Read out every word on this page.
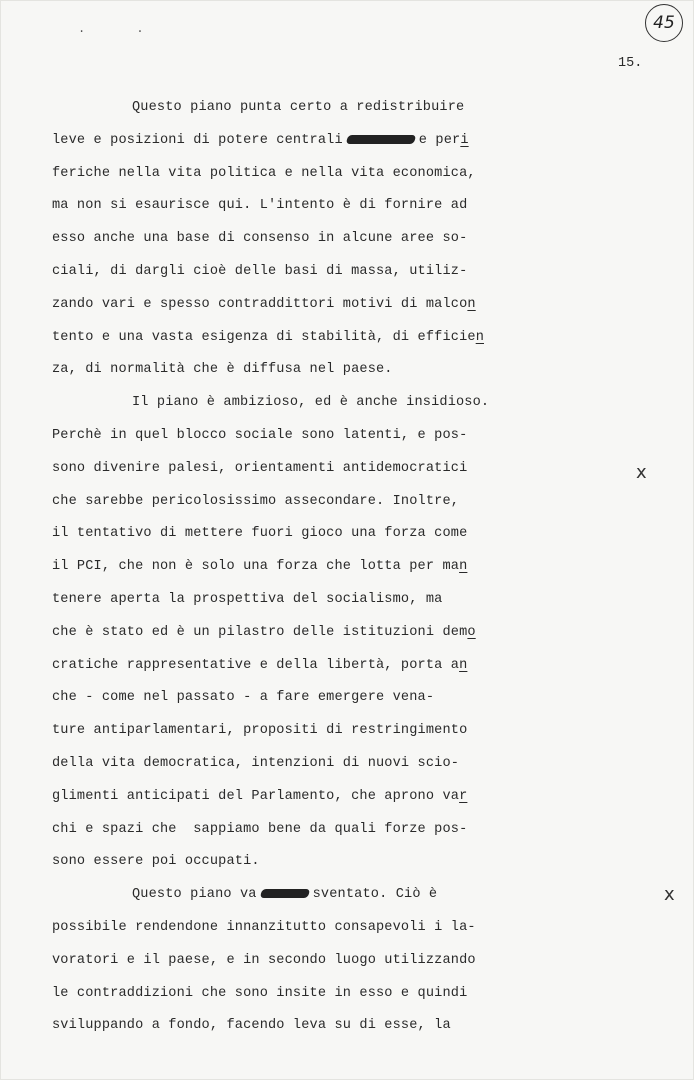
. .	45
15.
Questo piano punta certo a redistribuire
leve e posizioni di potere centrali	e peri
feriche nella vita politica e nella vita economica,
ma non si esaurisce qui. L'intento è di fornire ad
esso anche una base di consenso in alcune aree so-
ciali, di dargli cioè delle basi di massa, utiliz-
zando vari e spesso contraddittori motivi di malcon
tento e una vasta esigenza di stabilità, di efficien
za, di normalità che è diffusa nel paese.
Il piano è ambizioso, ed è anche insidioso.
Perchè in quel blocco sociale sono latenti, e pos-
sono divenire palesi, orientamenti antidemocratici
che sarebbe pericolosissimo assecondare. Inoltre,
il tentativo di mettere fuori gioco una forza come
il PCI, che non è solo una forza che lotta per man
tenere aperta la prospettiva del socialismo, ma
che è stato ed è un pilastro delle istituzioni demo
cratiche rappresentative e della libertà, porta an
che - come nel passato - a fare emergere vena-
ture antiparlamentari, propositi di restringimento
della vita democratica, intenzioni di nuovi scio-
glimenti anticipati del Parlamento, che aprono var
chi e spazi che  sappiamo bene da quali forze pos-
sono essere poi occupati.
Questo piano va	sventato. Ciò è
possibile rendendone innanzitutto consapevoli i la-
voratori e il paese, e in secondo luogo utilizzando
le contraddizioni che sono insite in esso e quindi
sviluppando a fondo, facendo leva su di esse, la
x
x
